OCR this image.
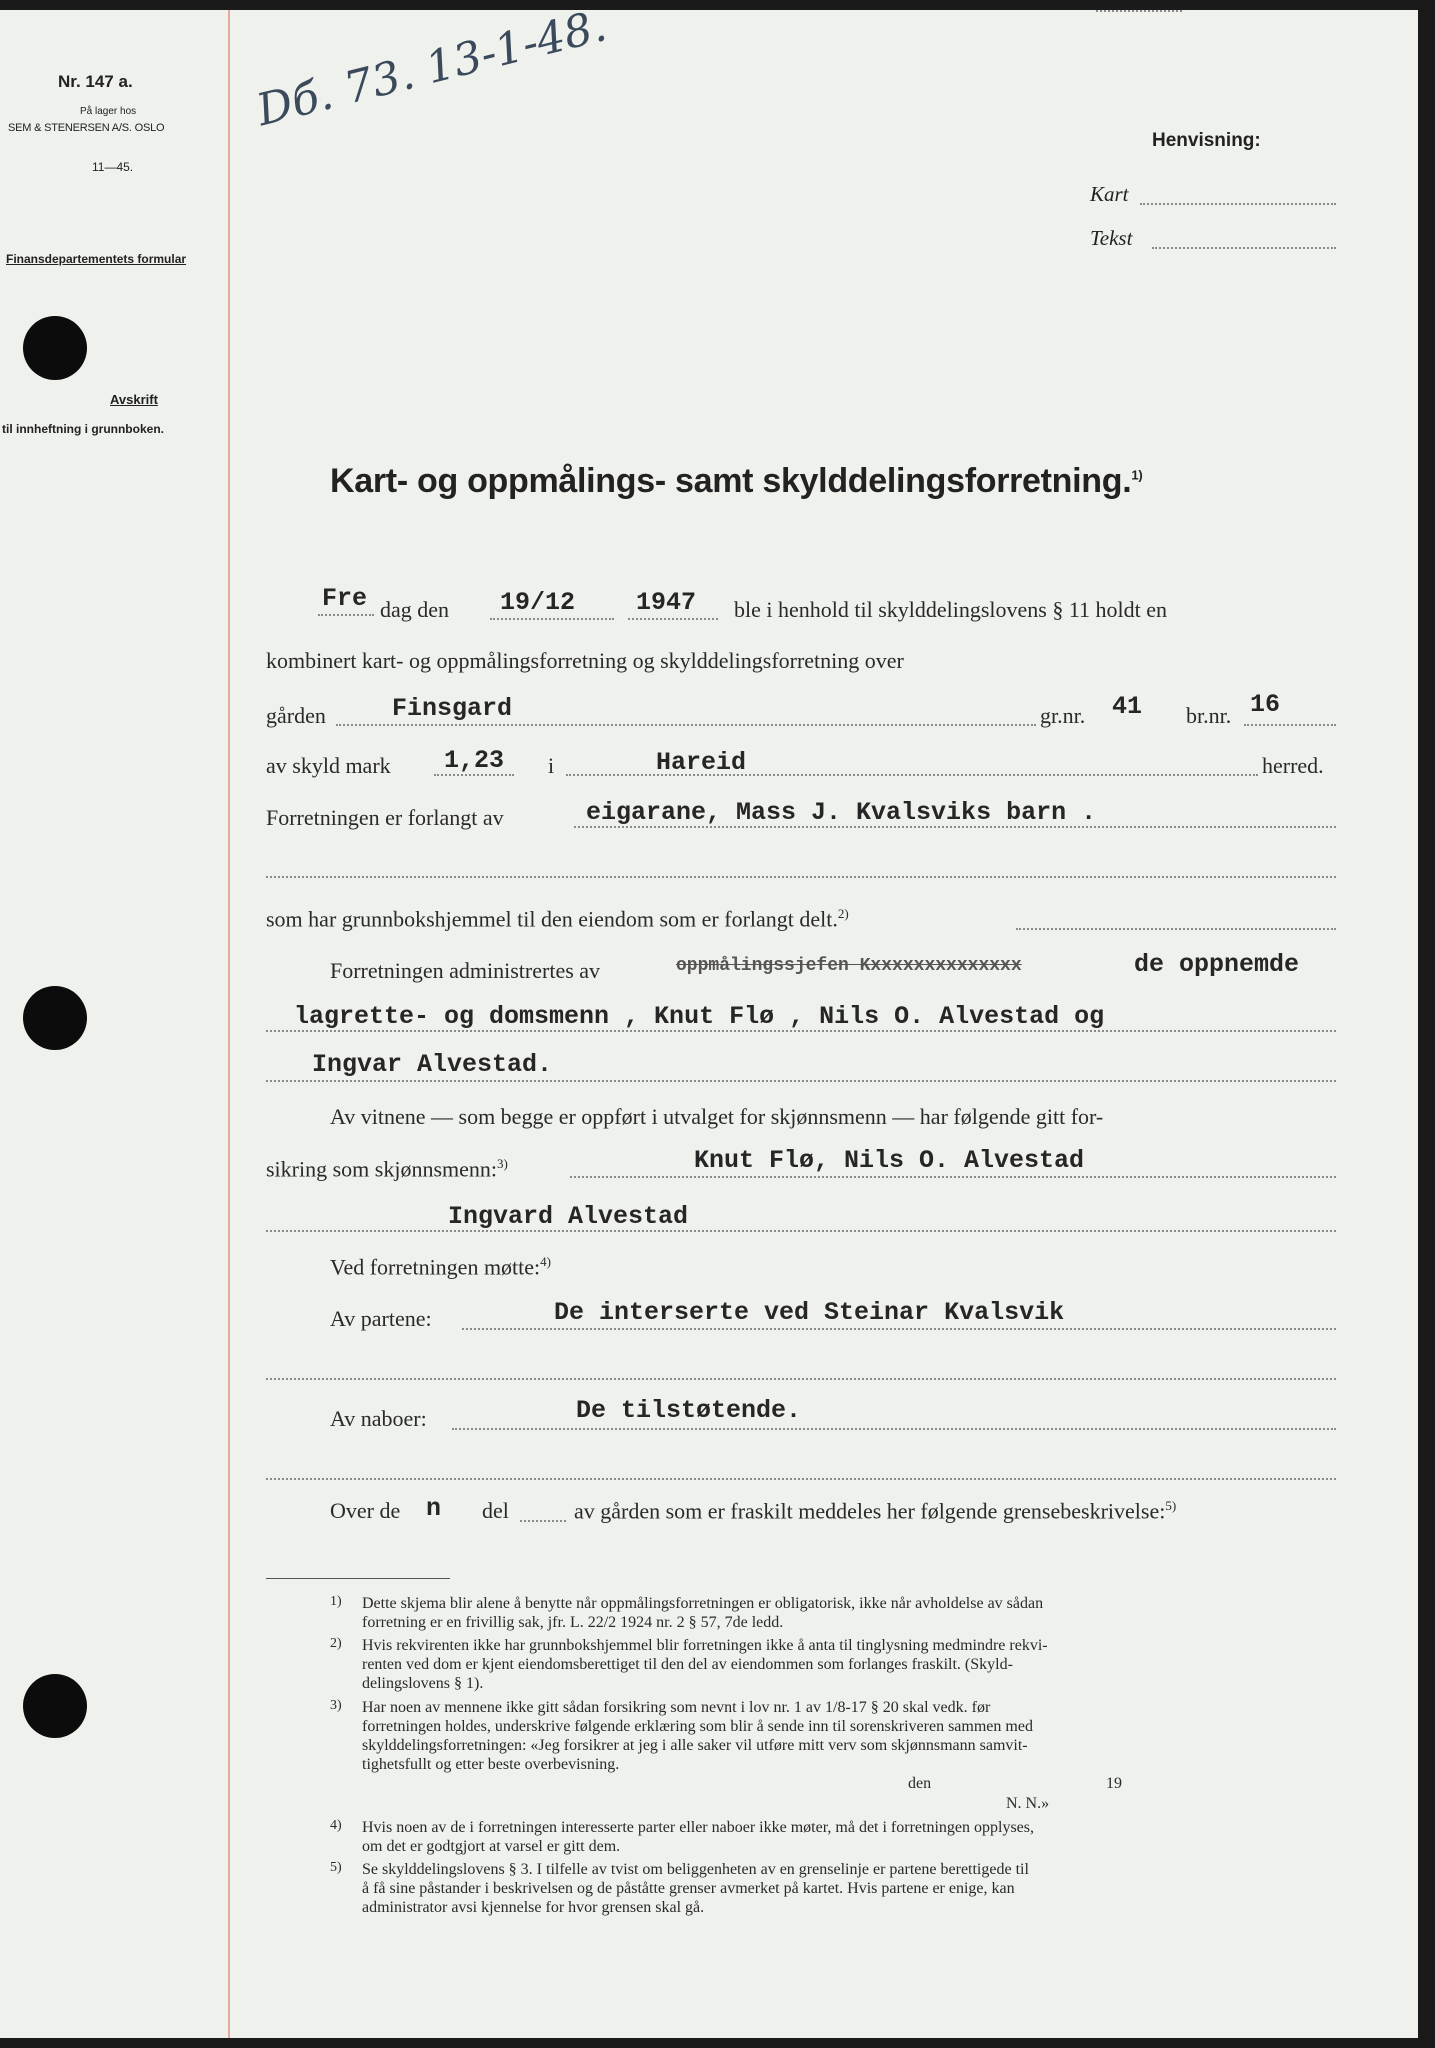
Nr. 147 a.
På lager hos
SEM & STENERSEN A/S. OSLO
11—45.
Finansdepartementets formular
Avskrift
til innheftning i grunnboken.
Dб. 73. 13-1-48.
Henvisning:
Kart
Tekst
Kart- og oppmålings- samt skylddelingsforretning.$^{1)}$
Fre dag den 19/12 1947 ble i henhold til skylddelingslovens § 11 holdt en
kombinert kart- og oppmålingsforretning og skylddelingsforretning over
gården	Finsgard	gr.nr. 41 br.nr. 16
av skyld mark 1,23 i	Hareid	herred.
Forretningen er forlangt av	eigarane, Mass J. Kvalsviks barn .
som har grunnbokshjemmel til den eiendom som er forlangt delt.$^{2)}$
Forretningen administrertes av	oppmålingssjefen Kxxxxxxxxxxxxxx	de oppnemde
lagrette- og domsmenn , Knut Flø , Nils O. Alvestad og
Ingvar Alvestad.
Av vitnene — som begge er oppført i utvalget for skjønnsmenn — har følgende gitt for-
sikring som skjønnsmenn:$^{3)}$	Knut Flø, Nils O. Alvestad
Ingvard Alvestad
Ved forretningen møtte:$^{4)}$
Av partene:	De interserte ved Steinar Kvalsvik
Av naboer:	De tilstøtende.
Over de n del	av gården som er fraskilt meddeles her følgende grensebeskrivelse:$^{5)}$
1) Dette skjema blir alene å benytte når oppmålingsforretningen er obligatorisk, ikke når avholdelse av sådan
forretning er en frivillig sak, jfr. L. 22/2 1924 nr. 2 § 57, 7de ledd.
2) Hvis rekvirenten ikke har grunnbokshjemmel blir forretningen ikke å anta til tinglysning medmindre rekvi-
renten ved dom er kjent eiendomsberettiget til den del av eiendommen som forlanges fraskilt. (Skyld-
delingslovens § 1).
3) Har noen av mennene ikke gitt sådan forsikring som nevnt i lov nr. 1 av 1/8-17 § 20 skal vedk. før
forretningen holdes, underskrive følgende erklæring som blir å sende inn til sorenskriveren sammen med
skylddelingsforretningen: «Jeg forsikrer at jeg i alle saker vil utføre mitt verv som skjønnsmann samvit-
tighetsfullt og etter beste overbevisning.
den	19
N. N.»
4) Hvis noen av de i forretningen interesserte parter eller naboer ikke møter, må det i forretningen opplyses,
om det er godtgjort at varsel er gitt dem.
5) Se skylddelingslovens § 3. I tilfelle av tvist om beliggenheten av en grenselinje er partene berettigede til
å få sine påstander i beskrivelsen og de påståtte grenser avmerket på kartet. Hvis partene er enige, kan
administrator avsi kjennelse for hvor grensen skal gå.
